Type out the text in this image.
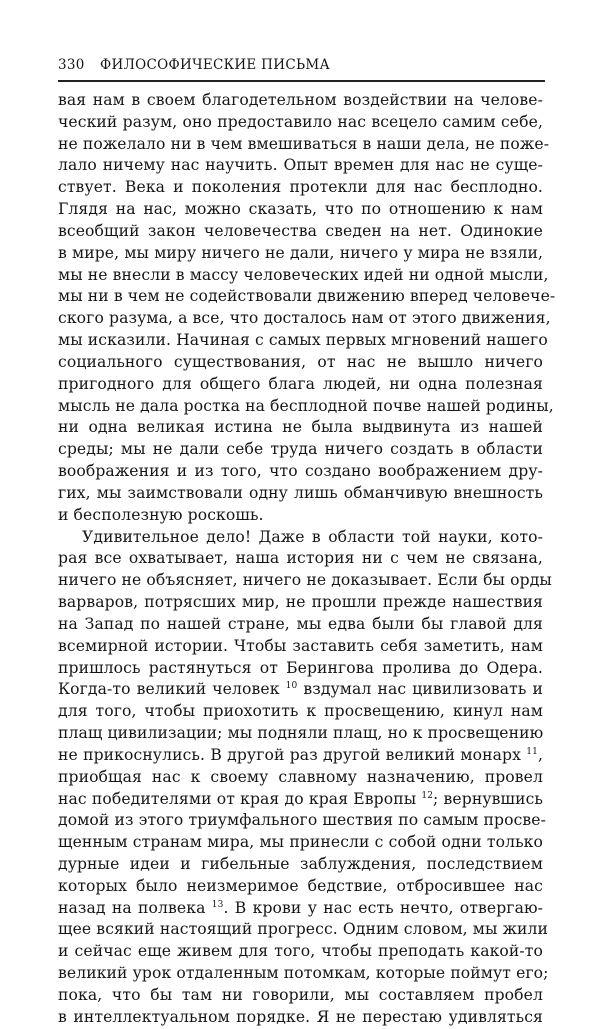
330 ФИЛОСОФИЧЕСКИЕ ПИСЬМА
вая нам в своем благодетельном воздействии на челове-
ческий разум, оно предоставило нас всецело самим себе,
не пожелало ни в чем вмешиваться в наши дела, не поже-
лало ничему нас научить. Опыт времен для нас не суще-
ствует. Века и поколения протекли для нас бесплодно.
Глядя на нас, можно сказать, что по отношению к нам
всеобщий закон человечества сведен на нет. Одинокие
в мире, мы миру ничего не дали, ничего у мира не взяли,
мы не внесли в массу человеческих идей ни одной мысли,
мы ни в чем не содействовали движению вперед человече-
ского разума, а все, что досталось нам от этого движения,
мы исказили. Начиная с самых первых мгновений нашего
социального существования, от нас не вышло ничего
пригодного для общего блага людей, ни одна полезная
мысль не дала ростка на бесплодной почве нашей родины,
ни одна великая истина не была выдвинута из нашей
среды; мы не дали себе труда ничего создать в области
воображения и из того, что создано воображением дру-
гих, мы заимствовали одну лишь обманчивую внешность
и бесполезную роскошь.
Удивительное дело! Даже в области той науки, кото-
рая все охватывает, наша история ни с чем не связана,
ничего не объясняет, ничего не доказывает. Если бы орды
варваров, потрясших мир, не прошли прежде нашествия
на Запад по нашей стране, мы едва были бы главой для
всемирной истории. Чтобы заставить себя заметить, нам
пришлось растянуться от Берингова пролива до Одера.
Когда-то великий человек $^{10}$ вздумал нас цивилизовать и
для того, чтобы приохотить к просвещению, кинул нам
плащ цивилизации; мы подняли плащ, но к просвещению
не прикоснулись. В другой раз другой великий монарх $^{11}$,
приобщая нас к своему славному назначению, провел
нас победителями от края до края Европы $^{12}$; вернувшись
домой из этого триумфального шествия по самым просве-
щенным странам мира, мы принесли с собой одни только
дурные идеи и гибельные заблуждения, последствием
которых было неизмеримое бедствие, отбросившее нас
назад на полвека $^{13}$. В крови у нас есть нечто, отвергаю-
щее всякий настоящий прогресс. Одним словом, мы жили
и сейчас еще живем для того, чтобы преподать какой-то
великий урок отдаленным потомкам, которые поймут его;
пока, что бы там ни говорили, мы составляем пробел
в интеллектуальном порядке. Я не перестаю удивляться
